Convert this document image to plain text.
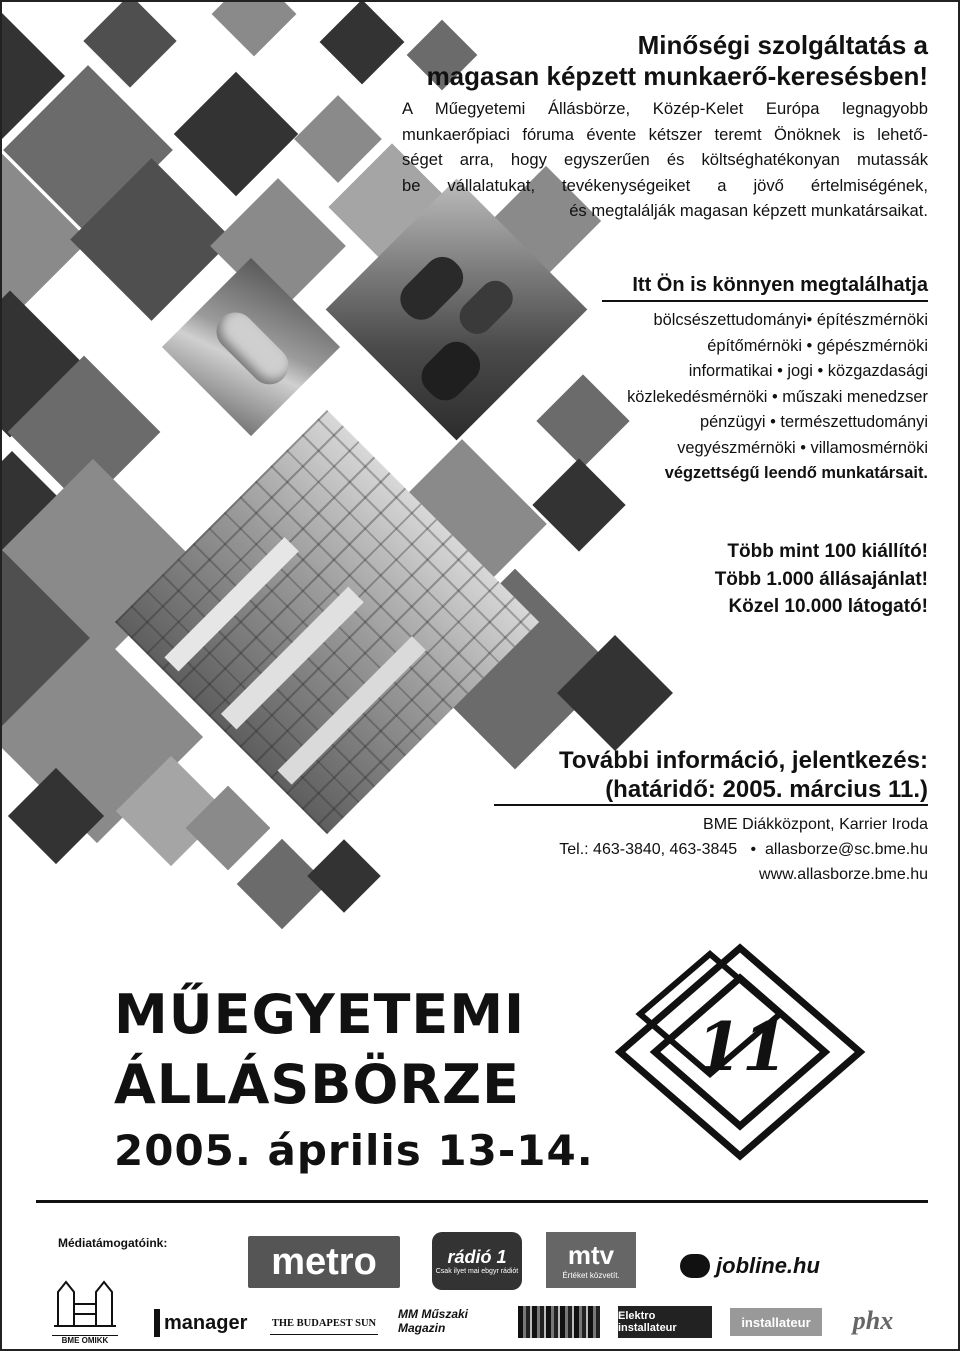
Minőségi szolgáltatás a
magasan képzett munkaerő-keresésben!
A Műegyetemi Állásbörze, Közép-Kelet Európa legnagyobb
munkaerőpiaci fóruma évente kétszer teremt Önöknek is lehető-
séget arra, hogy egyszerűen és költséghatékonyan mutassák
be vállalatukat, tevékenységeiket a jövő értelmiségének,
és megtalálják magasan képzett munkatársaikat.
Itt Ön is könnyen megtalálhatja
bölcsészettudományi• építészmérnöki
építőmérnöki • gépészmérnöki
informatikai • jogi • közgazdasági
közlekedésmérnöki • műszaki menedzser
pénzügyi • természettudományi
vegyészmérnöki • villamosmérnöki
végzettségű leendő munkatársait.
Több mint 100 kiállító!
Több 1.000 állásajánlat!
Közel 10.000 látogató!
További információ, jelentkezés:
(határidő: 2005. március 11.)
BME Diákközpont, Karrier Iroda
Tel.: 463-3840, 463-3845   •  allasborze@sc.bme.hu
www.allasborze.bme.hu
MŰEGYETEMI
ÁLLÁSBÖRZE
2005. április 13-14.
11
Médiatámogatóink:	metro	rádió 1
Csak ilyet mai ebgyr rádiót
mtv
Értéket közvetít.	jobline.hu
BME OMIKK
manager THE BUDAPEST SUN
MM Műszaki Magazin
Elektro installateur	installateur phx
